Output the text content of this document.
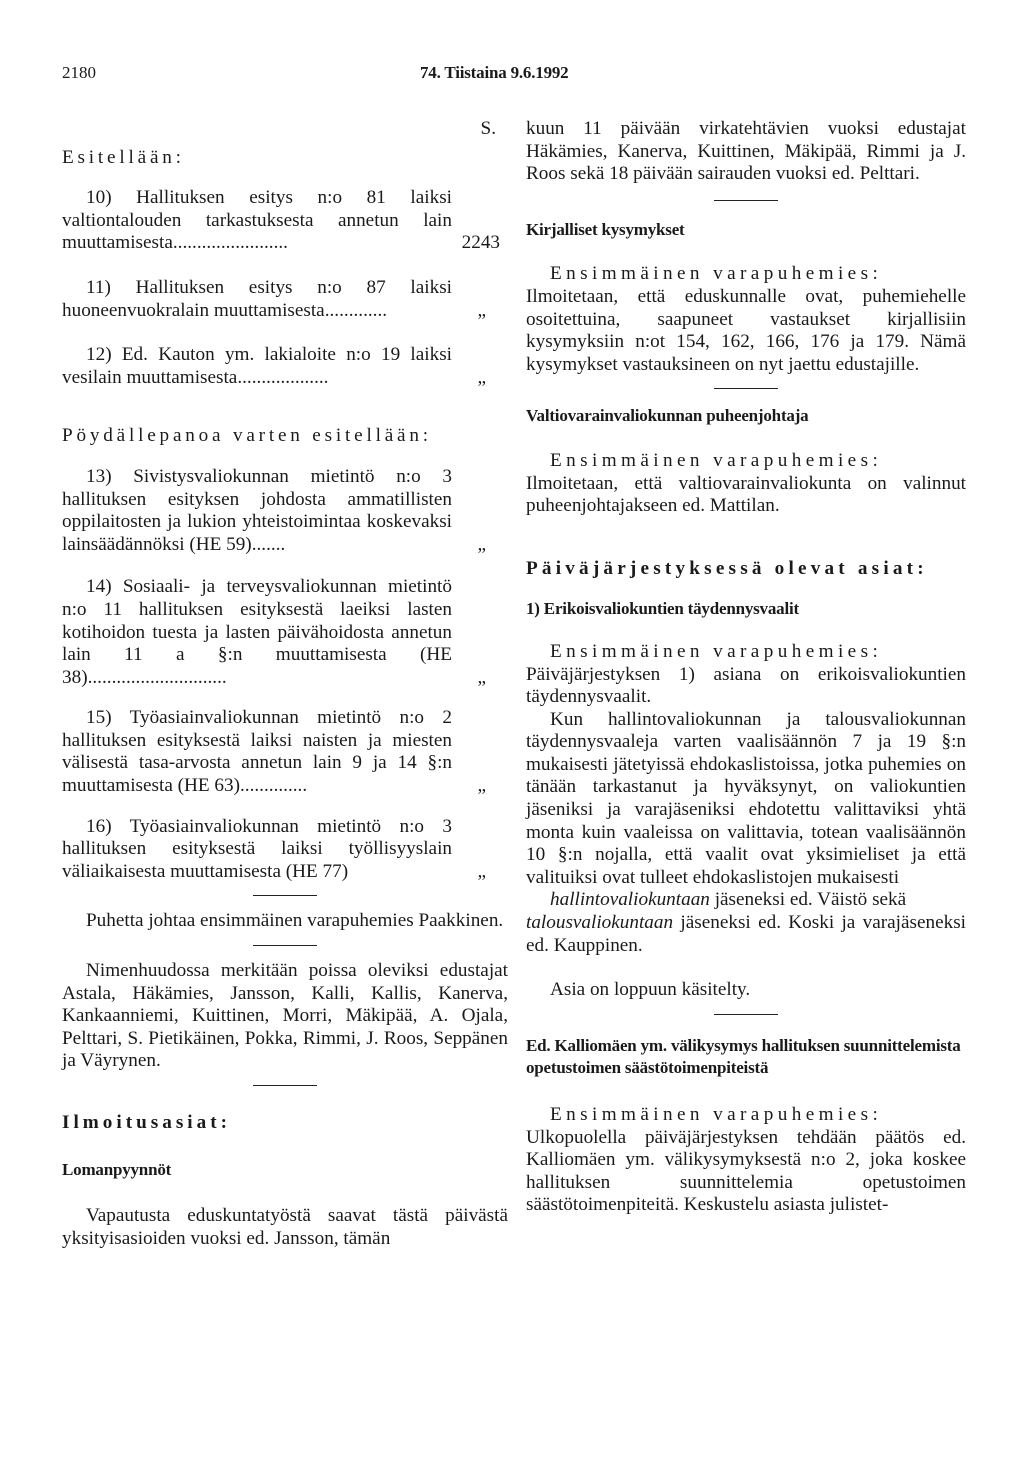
2180	74. Tiistaina 9.6.1992

S.

Esitellään:

10) Hallituksen esitys n:o 81 laiksi valtiontalouden tarkastuksesta annetun lain muuttamisesta........................	2243
11) Hallituksen esitys n:o 87 laiksi huoneenvuokralain muuttamisesta.............	„
12) Ed. Kauton ym. lakialoite n:o 19 laiksi vesilain muuttamisesta...................	„

Pöydällepanoa varten esitellään:

13) Sivistysvaliokunnan mietintö n:o 3 hallituksen esityksen johdosta ammatillisten oppilaitosten ja lukion yhteistoimintaa koskevaksi lainsäädännöksi (HE 59).......	„
14) Sosiaali- ja terveysvaliokunnan mietintö n:o 11 hallituksen esityksestä laeiksi lasten kotihoidon tuesta ja lasten päivähoidosta annetun lain 11 a §:n muuttamisesta (HE 38).............................	„
15) Työasiainvaliokunnan mietintö n:o 2 hallituksen esityksestä laiksi naisten ja miesten välisestä tasa-arvosta annetun lain 9 ja 14 §:n muuttamisesta (HE 63)..............	„
16) Työasiainvaliokunnan mietintö n:o 3 hallituksen esityksestä laiksi työllisyyslain väliaikaisesta muuttamisesta (HE 77)	„

Puhetta johtaa ensimmäinen varapuhemies Paakkinen.

Nimenhuudossa merkitään poissa oleviksi edustajat Astala, Häkämies, Jansson, Kalli, Kallis, Kanerva, Kankaanniemi, Kuittinen, Morri, Mäkipää, A. Ojala, Pelttari, S. Pietikäinen, Pokka, Rimmi, J. Roos, Seppänen ja Väyrynen.

Ilmoitusasiat:

Lomanpyynnöt

Vapautusta eduskuntatyöstä saavat tästä päivästä yksityisasioiden vuoksi ed. Jansson, tämän

kuun 11 päivään virkatehtävien vuoksi edustajat Häkämies, Kanerva, Kuittinen, Mäkipää, Rimmi ja J. Roos sekä 18 päivään sairauden vuoksi ed. Pelttari.

Kirjalliset kysymykset

Ensimmäinen varapuhemies:

Ilmoitetaan, että eduskunnalle ovat, puhemiehelle osoitettuina, saapuneet vastaukset kirjallisiin kysymyksiin n:ot 154, 162, 166, 176 ja 179. Nämä kysymykset vastauksineen on nyt jaettu edustajille.

Valtiovarainvaliokunnan puheenjohtaja

Ensimmäinen varapuhemies:

Ilmoitetaan, että valtiovarainvaliokunta on valinnut puheenjohtajakseen ed. Mattilan.

Päiväjärjestyksessä olevat asiat:

1) Erikoisvaliokuntien täydennysvaalit

Ensimmäinen varapuhemies:

Päiväjärjestyksen 1) asiana on erikoisvaliokuntien täydennysvaalit.

Kun hallintovaliokunnan ja talousvaliokunnan täydennysvaaleja varten vaalisäännön 7 ja 19 §:n mukaisesti jätetyissä ehdokaslistoissa, jotka puhemies on tänään tarkastanut ja hyväksynyt, on valiokuntien jäseniksi ja varajäseniksi ehdotettu valittaviksi yhtä monta kuin vaaleissa on valittavia, totean vaalisäännön 10 §:n nojalla, että vaalit ovat yksimieliset ja että valituiksi ovat tulleet ehdokaslistojen mukaisesti

hallintovaliokuntaan jäseneksi ed. Väistö sekä
talousvaliokuntaan jäseneksi ed. Koski ja varajäseneksi ed. Kauppinen.

Asia on loppuun käsitelty.

Ed. Kalliomäen ym. välikysymys hallituksen suunnittelemista opetustoimen säästötoimenpiteistä

Ensimmäinen varapuhemies:

Ulkopuolella päiväjärjestyksen tehdään päätös ed. Kalliomäen ym. välikysymyksestä n:o 2, joka koskee hallituksen suunnittelemia opetustoimen säästötoimenpiteitä. Keskustelu asiasta julistet-
